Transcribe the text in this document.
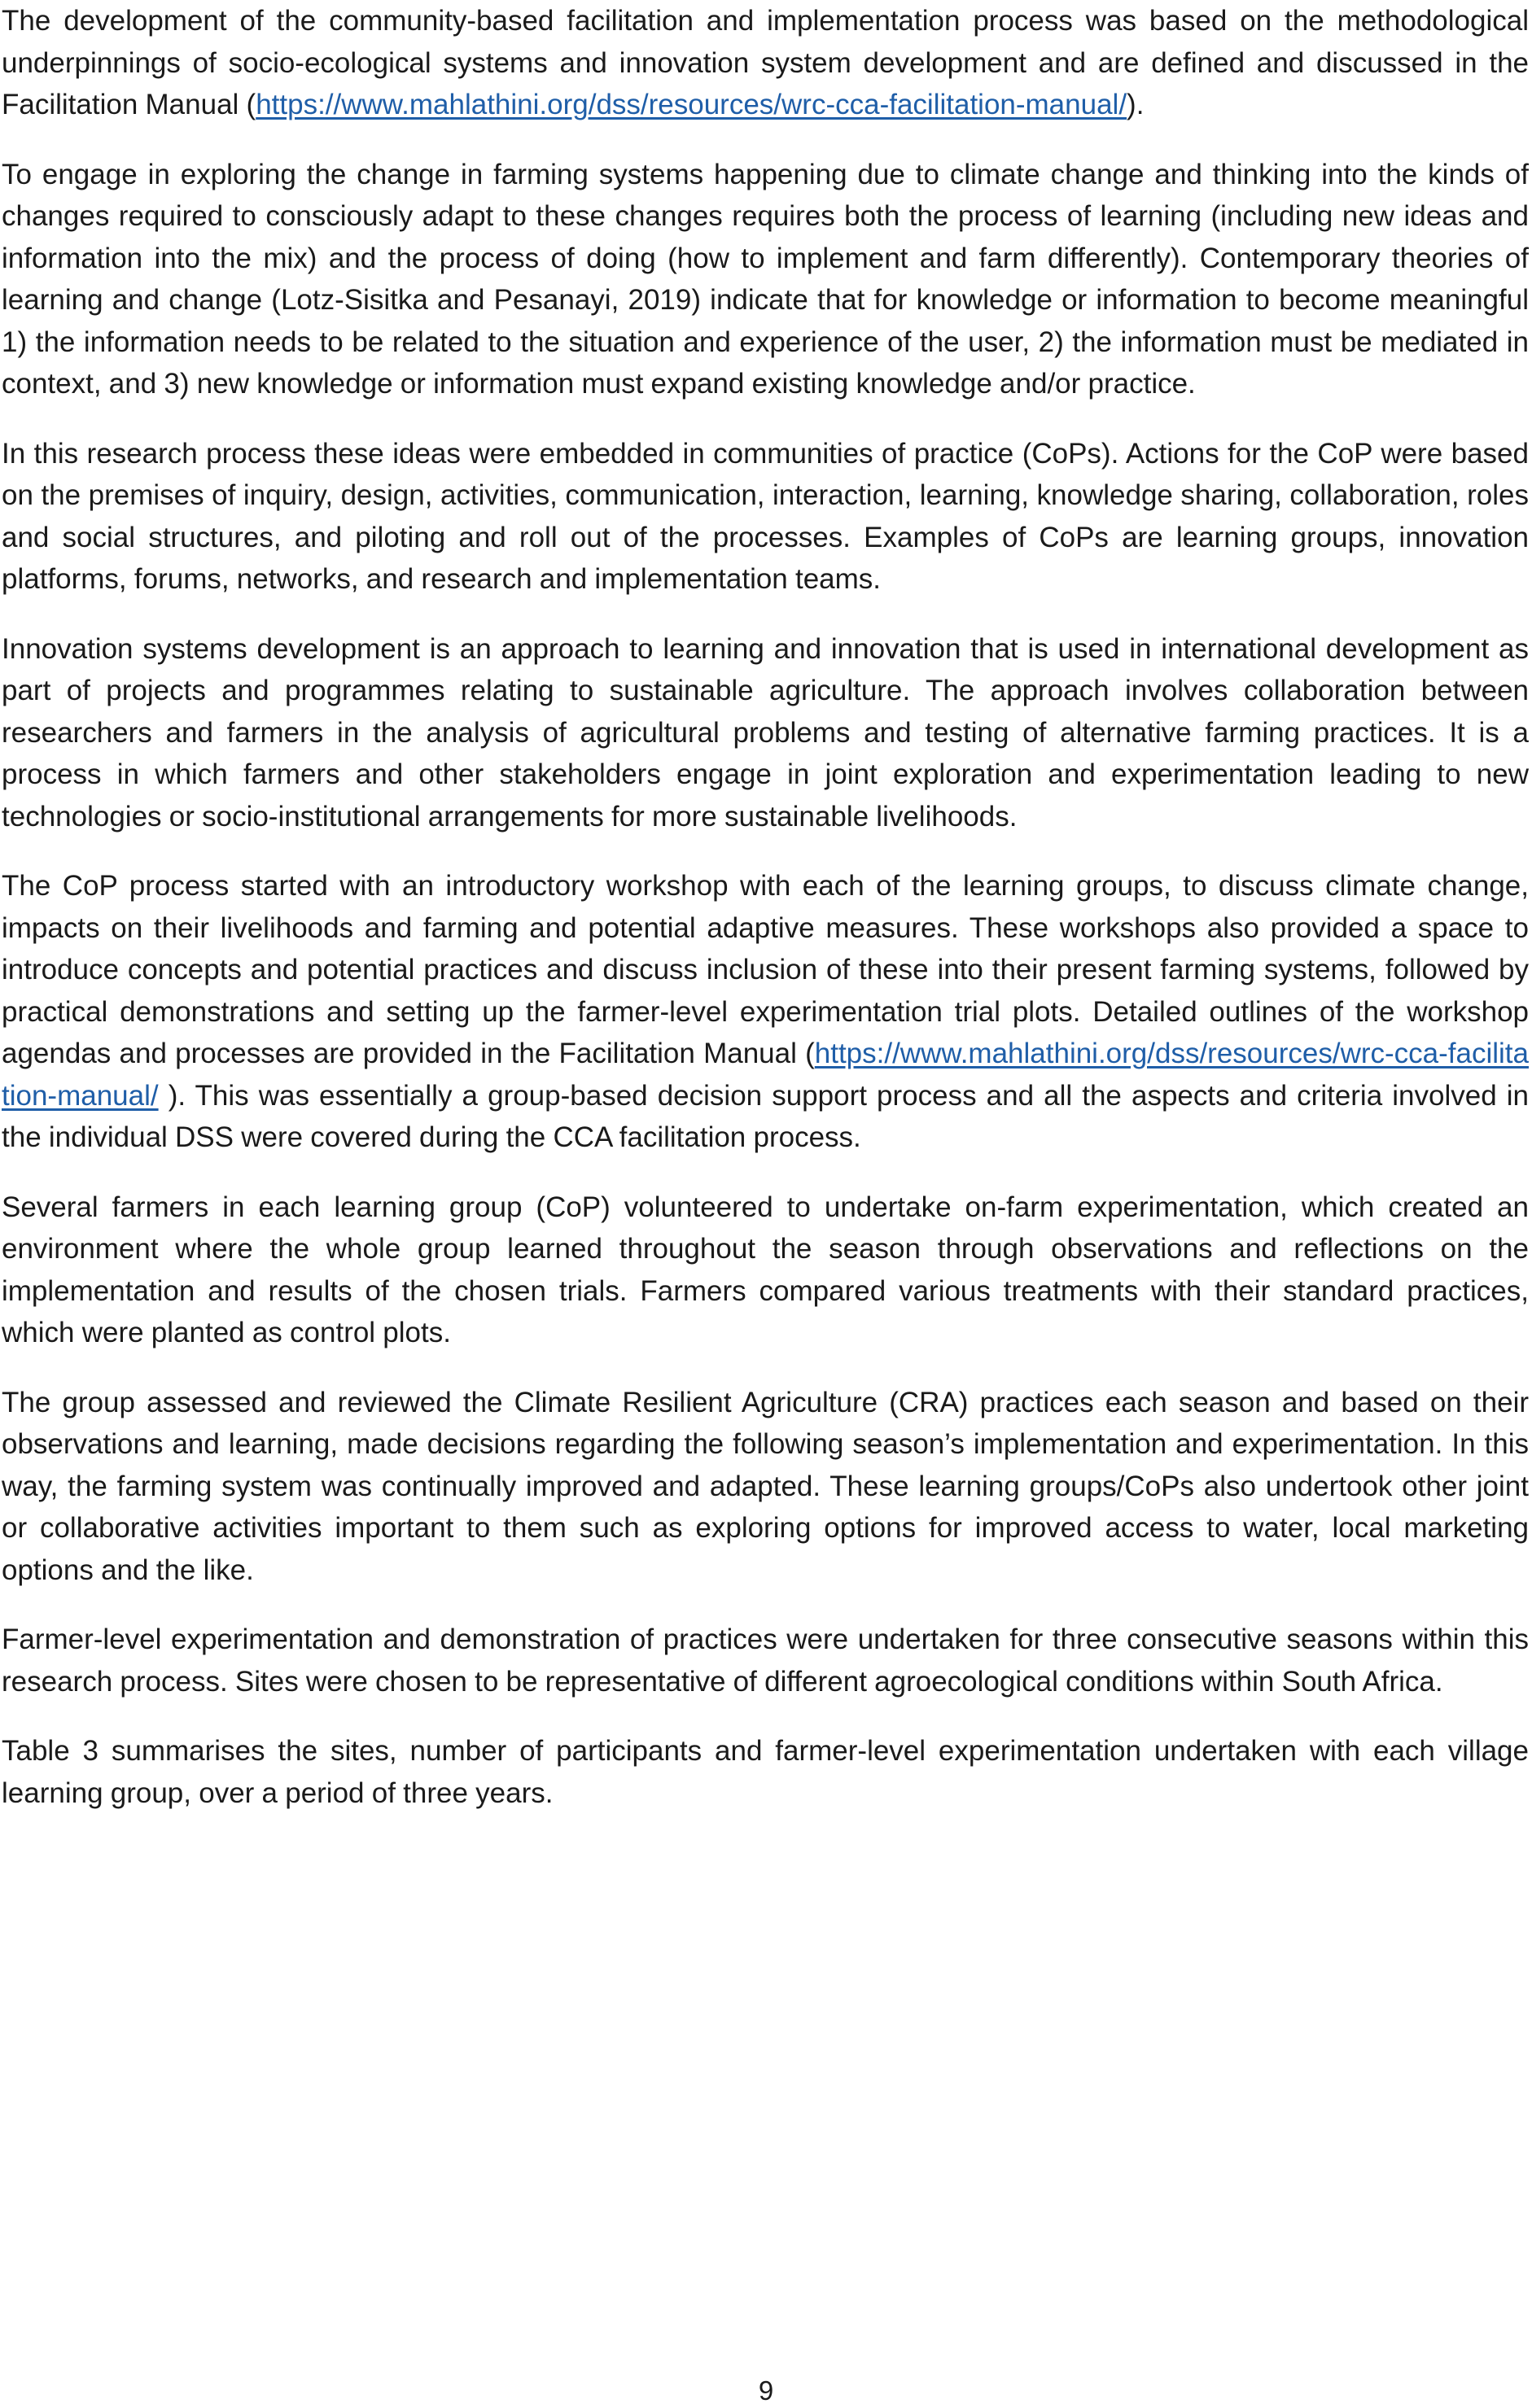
The development of the community-based facilitation and implementation process was based on the methodological underpinnings of socio-ecological systems and innovation system development and are defined and discussed in the Facilitation Manual (https://www.mahlathini.org/dss/resources/wrc-cca-facilitation-manual/).

To engage in exploring the change in farming systems happening due to climate change and thinking into the kinds of changes required to consciously adapt to these changes requires both the process of learning (including new ideas and information into the mix) and the process of doing (how to implement and farm differently). Contemporary theories of learning and change (Lotz-Sisitka and Pesanayi, 2019) indicate that for knowledge or information to become meaningful 1) the information needs to be related to the situation and experience of the user, 2) the information must be mediated in context, and 3) new knowledge or information must expand existing knowledge and/or practice.

In this research process these ideas were embedded in communities of practice (CoPs). Actions for the CoP were based on the premises of inquiry, design, activities, communication, interaction, learning, knowledge sharing, collaboration, roles and social structures, and piloting and roll out of the processes. Examples of CoPs are learning groups, innovation platforms, forums, networks, and research and implementation teams.

Innovation systems development is an approach to learning and innovation that is used in international development as part of projects and programmes relating to sustainable agriculture. The approach involves collaboration between researchers and farmers in the analysis of agricultural problems and testing of alternative farming practices. It is a process in which farmers and other stakeholders engage in joint exploration and experimentation leading to new technologies or socio-institutional arrangements for more sustainable livelihoods.

The CoP process started with an introductory workshop with each of the learning groups, to discuss climate change, impacts on their livelihoods and farming and potential adaptive measures. These workshops also provided a space to introduce concepts and potential practices and discuss inclusion of these into their present farming systems, followed by practical demonstrations and setting up the farmer-level experimentation trial plots. Detailed outlines of the workshop agendas and processes are provided in the Facilitation Manual (https://www.mahlathini.org/dss/resources/wrc-cca-facilitation-manual/ ). This was essentially a group-based decision support process and all the aspects and criteria involved in the individual DSS were covered during the CCA facilitation process.

Several farmers in each learning group (CoP) volunteered to undertake on-farm experimentation, which created an environment where the whole group learned throughout the season through observations and reflections on the implementation and results of the chosen trials. Farmers compared various treatments with their standard practices, which were planted as control plots.

The group assessed and reviewed the Climate Resilient Agriculture (CRA) practices each season and based on their observations and learning, made decisions regarding the following season’s implementation and experimentation. In this way, the farming system was continually improved and adapted. These learning groups/CoPs also undertook other joint or collaborative activities important to them such as exploring options for improved access to water, local marketing options and the like.

Farmer-level experimentation and demonstration of practices were undertaken for three consecutive seasons within this research process. Sites were chosen to be representative of different agroecological conditions within South Africa.

Table 3 summarises the sites, number of participants and farmer-level experimentation undertaken with each village learning group, over a period of three years.

9
